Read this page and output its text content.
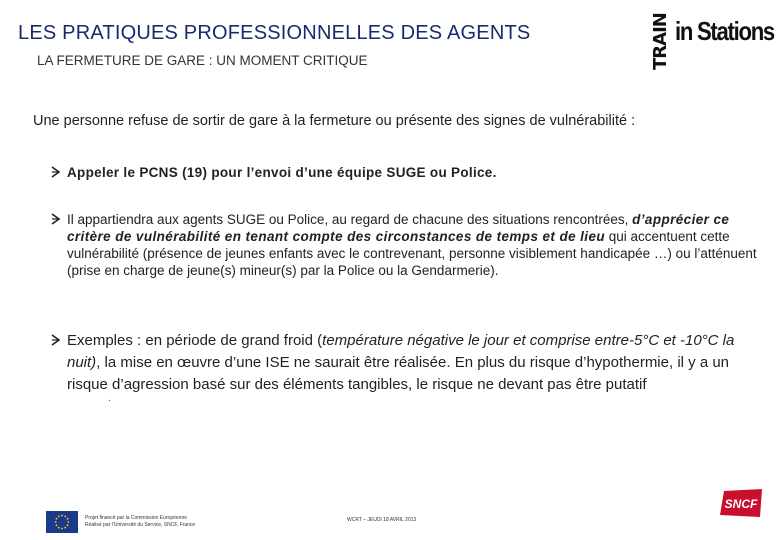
LES PRATIQUES PROFESSIONNELLES DES AGENTS
LA FERMETURE DE GARE : UN MOMENT CRITIQUE	TRAIN in Stations
Une personne refuse de sortir de gare à la fermeture ou présente des signes de vulnérabilité :
Appeler le PCNS (19) pour l’envoi d’une équipe SUGE ou Police.
Il appartiendra aux agents SUGE ou Police, au regard de chacune des situations rencontrées, d’apprécier ce critère de vulnérabilité en tenant compte des circonstances de temps et de lieu qui accentuent cette vulnérabilité (présence de jeunes enfants avec le contrevenant, personne visiblement handicapée …) ou l’atténuent (prise en charge de jeune(s) mineur(s) par la Police ou la Gendarmerie).
Exemples : en période de grand froid (température négative le jour et comprise entre-5°C et -10°C la nuit), la mise en œuvre d’une ISE ne saurait être réalisée. En plus du risque d’hypothermie, il y a un risque d’agression basé sur des éléments tangibles, le risque ne devant pas être putatif
.
Projet financé par la Commission Européenne
Réalisé par l'Université du Service, SNCF, France
WCRT – JEUDI 18 AVRIL 2013
SNCF
